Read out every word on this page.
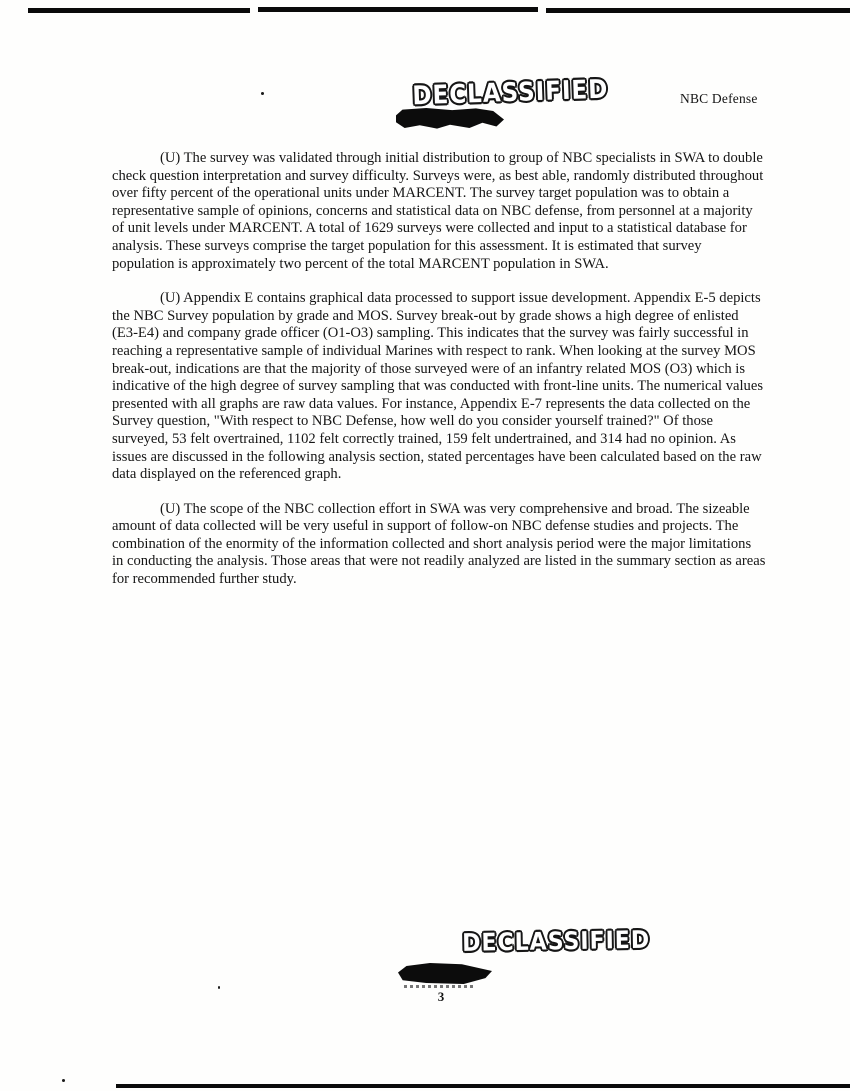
DECLASSIFIED	NBC Defense

(U) The survey was validated through initial distribution to group of NBC specialists in SWA to double check question interpretation and survey difficulty. Surveys were, as best able, randomly distributed throughout over fifty percent of the operational units under MARCENT. The survey target population was to obtain a representative sample of opinions, concerns and statistical data on NBC defense, from personnel at a majority of unit levels under MARCENT. A total of 1629 surveys were collected and input to a statistical database for analysis. These surveys comprise the target population for this assessment. It is estimated that survey population is approximately two percent of the total MARCENT population in SWA.

(U) Appendix E contains graphical data processed to support issue development. Appendix E-5 depicts the NBC Survey population by grade and MOS. Survey break-out by grade shows a high degree of enlisted (E3-E4) and company grade officer (O1-O3) sampling. This indicates that the survey was fairly successful in reaching a representative sample of individual Marines with respect to rank. When looking at the survey MOS break-out, indications are that the majority of those surveyed were of an infantry related MOS (O3) which is indicative of the high degree of survey sampling that was conducted with front-line units. The numerical values presented with all graphs are raw data values. For instance, Appendix E-7 represents the data collected on the Survey question, "With respect to NBC Defense, how well do you consider yourself trained?" Of those surveyed, 53 felt overtrained, 1102 felt correctly trained, 159 felt undertrained, and 314 had no opinion. As issues are discussed in the following analysis section, stated percentages have been calculated based on the raw data displayed on the referenced graph.

(U) The scope of the NBC collection effort in SWA was very comprehensive and broad. The sizeable amount of data collected will be very useful in support of follow-on NBC defense studies and projects. The combination of the enormity of the information collected and short analysis period were the major limitations in conducting the analysis. Those areas that were not readily analyzed are listed in the summary section as areas for recommended further study.

DECLASSIFIED
3
